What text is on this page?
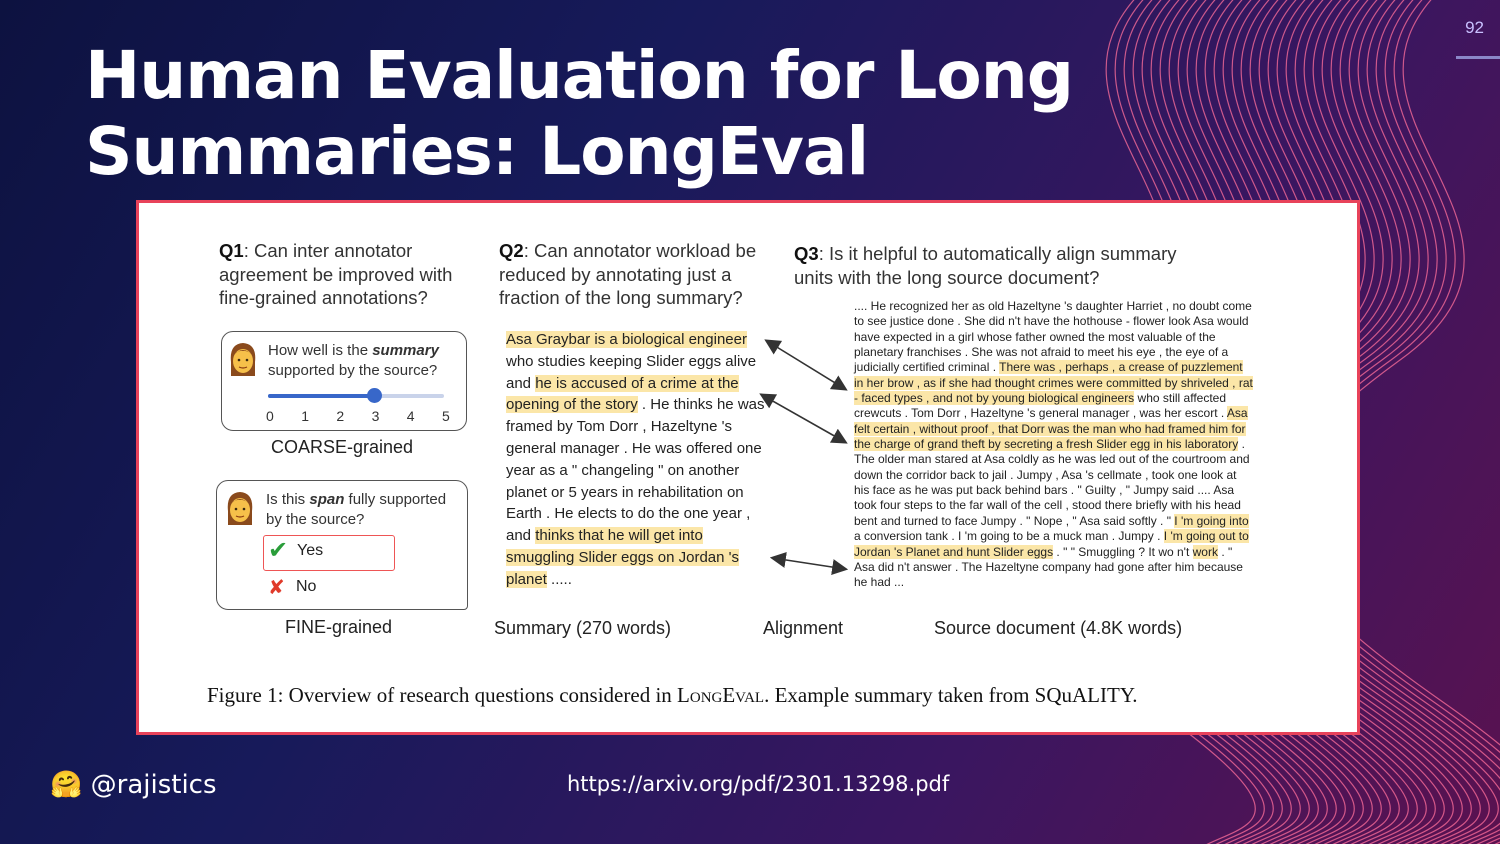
92
Human Evaluation for Long Summaries: LongEval
Q1: Can inter annotator agreement be improved with fine-grained annotations?
Q2: Can annotator workload be reduced by annotating just a fraction of the long summary?
Q3: Is it helpful to automatically align summary units with the long source document?
How well is the summary supported by the source?
0 1 2 3 4 5
COARSE-grained
Is this span fully supported by the source?
✔ Yes
✘ No
FINE-grained
Asa Graybar is a biological engineer who studies keeping Slider eggs alive and he is accused of a crime at the opening of the story . He thinks he was framed by Tom Dorr , Hazeltyne 's general manager . He was offered one year as a " changeling " on another planet or 5 years in rehabilitation on Earth . He elects to do the one year , and thinks that he will get into smuggling Slider eggs on Jordan 's planet .....
.... He recognized her as old Hazeltyne 's daughter Harriet , no doubt come to see justice done . She did n't have the hothouse - flower look Asa would have expected in a girl whose father owned the most valuable of the planetary franchises . She was not afraid to meet his eye , the eye of a judicially certified criminal . There was , perhaps , a crease of puzzlement in her brow , as if she had thought crimes were committed by shriveled , rat - faced types , and not by young biological engineers who still affected crewcuts . Tom Dorr , Hazeltyne 's general manager , was her escort . Asa felt certain , without proof , that Dorr was the man who had framed him for the charge of grand theft by secreting a fresh Slider egg in his laboratory . The older man stared at Asa coldly as he was led out of the courtroom and down the corridor back to jail . Jumpy , Asa 's cellmate , took one look at his face as he was put back behind bars . " Guilty , " Jumpy said .... Asa took four steps to the far wall of the cell , stood there briefly with his head bent and turned to face Jumpy . " Nope , " Asa said softly . " I 'm going into a conversion tank . I 'm going to be a muck man . Jumpy . I 'm going out to Jordan 's Planet and hunt Slider eggs . " " Smuggling ? It wo n't work . " Asa did n't answer . The Hazeltyne company had gone after him because he had ...
Summary (270 words)	Alignment	Source document (4.8K words)
Figure 1: Overview of research questions considered in LongEval. Example summary taken from SQuALITY.
🤗 @rajistics	https://arxiv.org/pdf/2301.13298.pdf
